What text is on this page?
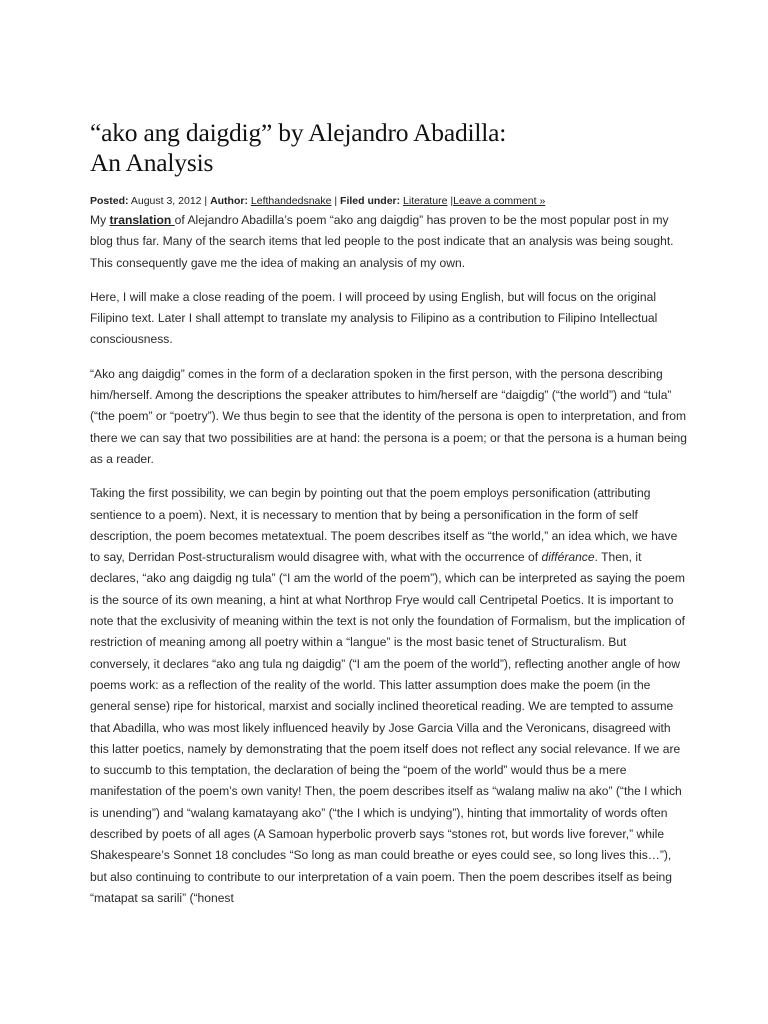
“ako ang daigdig” by Alejandro Abadilla:
An Analysis
Posted: August 3, 2012 | Author: Lefthandedsnake | Filed under: Literature |Leave a comment »

My translation of Alejandro Abadilla’s poem “ako ang daigdig” has proven to be the most popular post in my blog thus far. Many of the search items that led people to the post indicate that an analysis was being sought. This consequently gave me the idea of making an analysis of my own.

Here, I will make a close reading of the poem. I will proceed by using English, but will focus on the original Filipino text. Later I shall attempt to translate my analysis to Filipino as a contribution to Filipino Intellectual consciousness.

“Ako ang daigdig” comes in the form of a declaration spoken in the first person, with the persona describing him/herself. Among the descriptions the speaker attributes to him/herself are “daigdig” (“the world”) and “tula” (“the poem” or “poetry”). We thus begin to see that the identity of the persona is open to interpretation, and from there we can say that two possibilities are at hand: the persona is a poem; or that the persona is a human being as a reader.

Taking the first possibility, we can begin by pointing out that the poem employs personification (attributing sentience to a poem). Next, it is necessary to mention that by being a personification in the form of self description, the poem becomes metatextual. The poem describes itself as “the world,” an idea which, we have to say, Derridan Post-structuralism would disagree with, what with the occurrence of différance. Then, it declares, “ako ang daigdig ng tula” (“I am the world of the poem”), which can be interpreted as saying the poem is the source of its own meaning, a hint at what Northrop Frye would call Centripetal Poetics. It is important to note that the exclusivity of meaning within the text is not only the foundation of Formalism, but the implication of restriction of meaning among all poetry within a “langue” is the most basic tenet of Structuralism. But conversely, it declares “ako ang tula ng daigdig” (“I am the poem of the world”), reflecting another angle of how poems work: as a reflection of the reality of the world. This latter assumption does make the poem (in the general sense) ripe for historical, marxist and socially inclined theoretical reading. We are tempted to assume that Abadilla, who was most likely influenced heavily by Jose Garcia Villa and the Veronicans, disagreed with this latter poetics, namely by demonstrating that the poem itself does not reflect any social relevance. If we are to succumb to this temptation, the declaration of being the “poem of the world” would thus be a mere manifestation of the poem’s own vanity! Then, the poem describes itself as “walang maliw na ako” (“the I which is unending”) and “walang kamatayang ako” (“the I which is undying”), hinting that immortality of words often described by poets of all ages (A Samoan hyperbolic proverb says “stones rot, but words live forever,” while Shakespeare’s Sonnet 18 concludes “So long as man could breathe or eyes could see, so long lives this…”), but also continuing to contribute to our interpretation of a vain poem. Then the poem describes itself as being “matapat sa sarili” (“honest
